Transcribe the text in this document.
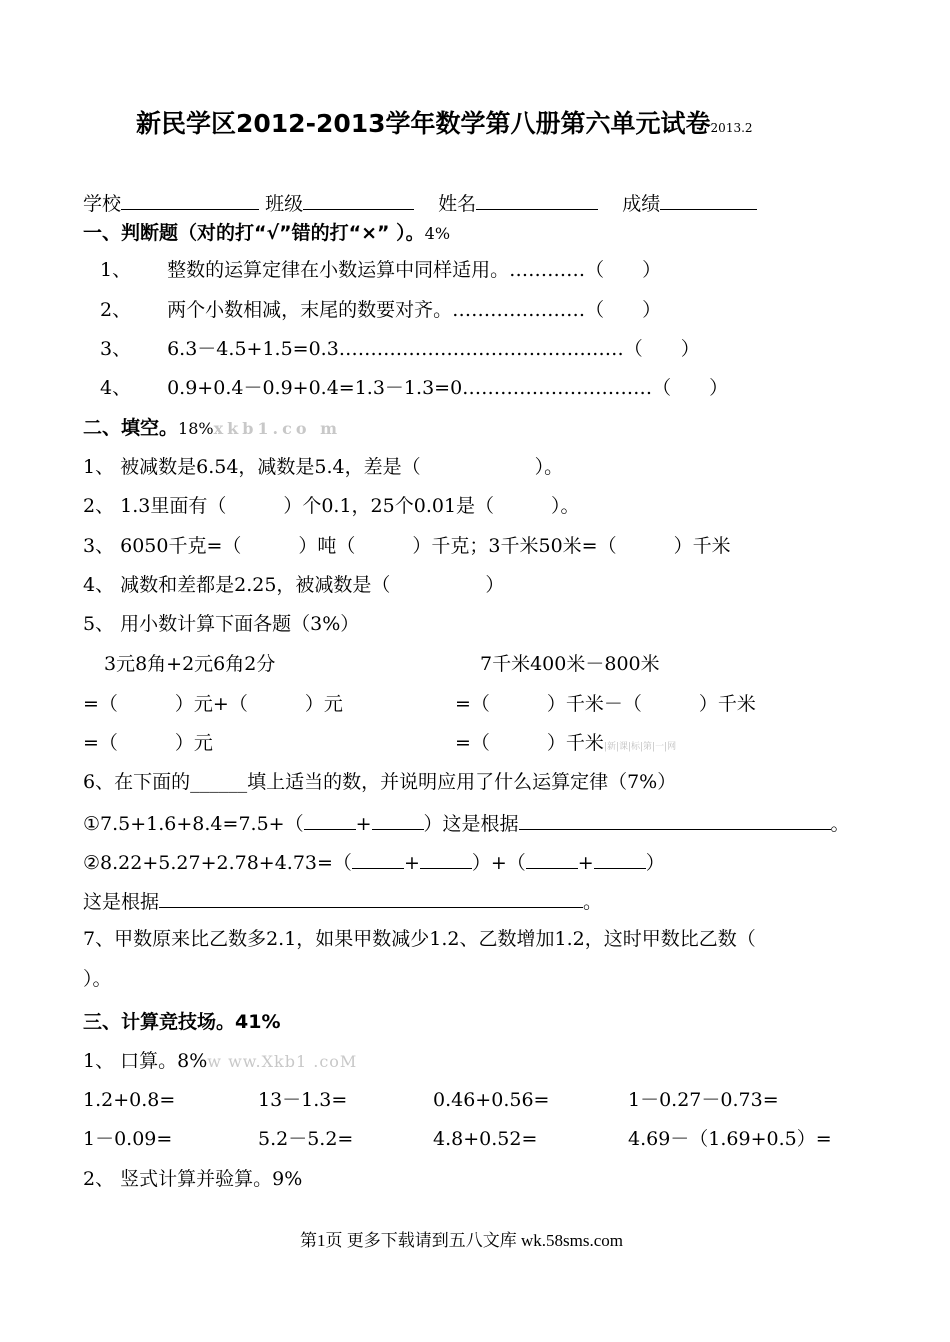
新民学区2012-2013学年数学第八册第六单元试卷2013.2
学校	班级	姓名	成绩
一、判断题（对的打“√”错的打“×” ）。4%
1、 整数的运算定律在小数运算中同样适用。…………（　　）
2、 两个小数相减，末尾的数要对齐。…………………（　　）
3、 6.3－4.5+1.5=0.3………………………………………（　　）
4、 0.9+0.4－0.9+0.4=1.3－1.3=0…………………………（　　）
二、填空。18%xkb1.co m
1、 被减数是6.54，减数是5.4，差是（　　　　　　）。
2、 1.3里面有（　　　）个0.1，25个0.01是（　　　）。
3、 6050千克=（　　　）吨（　　　）千克；3千米50米=（　　　）千米
4、 减数和差都是2.25，被减数是（　　　　　）
5、 用小数计算下面各题（3%）
3元8角+2元6角2分
=（　　　）元+（　　　）元
=（　　　）元
7千米400米－800米
=（　　　）千米－（　　　）千米
=（　　　）千米|新|课|标|第|一|网
6、在下面的______填上适当的数，并说明应用了什么运算定律（7%）
①7.5+1.6+8.4=7.5+（	+	）这是根据	。
②8.22+5.27+2.78+4.73=（	+	）+（	+	）
这是根据	。
7、甲数原来比乙数多2.1，如果甲数减少1.2、乙数增加1.2，这时甲数比乙数（
）。
三、计算竞技场。41%
1、 口算。8%w ww.Xkb1 .coM
1.2+0.8=	13－1.3=	0.46+0.56=	1－0.27－0.73=
1－0.09=	5.2－5.2=	4.8+0.52=	4.69－（1.69+0.5）=
2、 竖式计算并验算。9%
第1页 更多下载请到五八文库 wk.58sms.com
